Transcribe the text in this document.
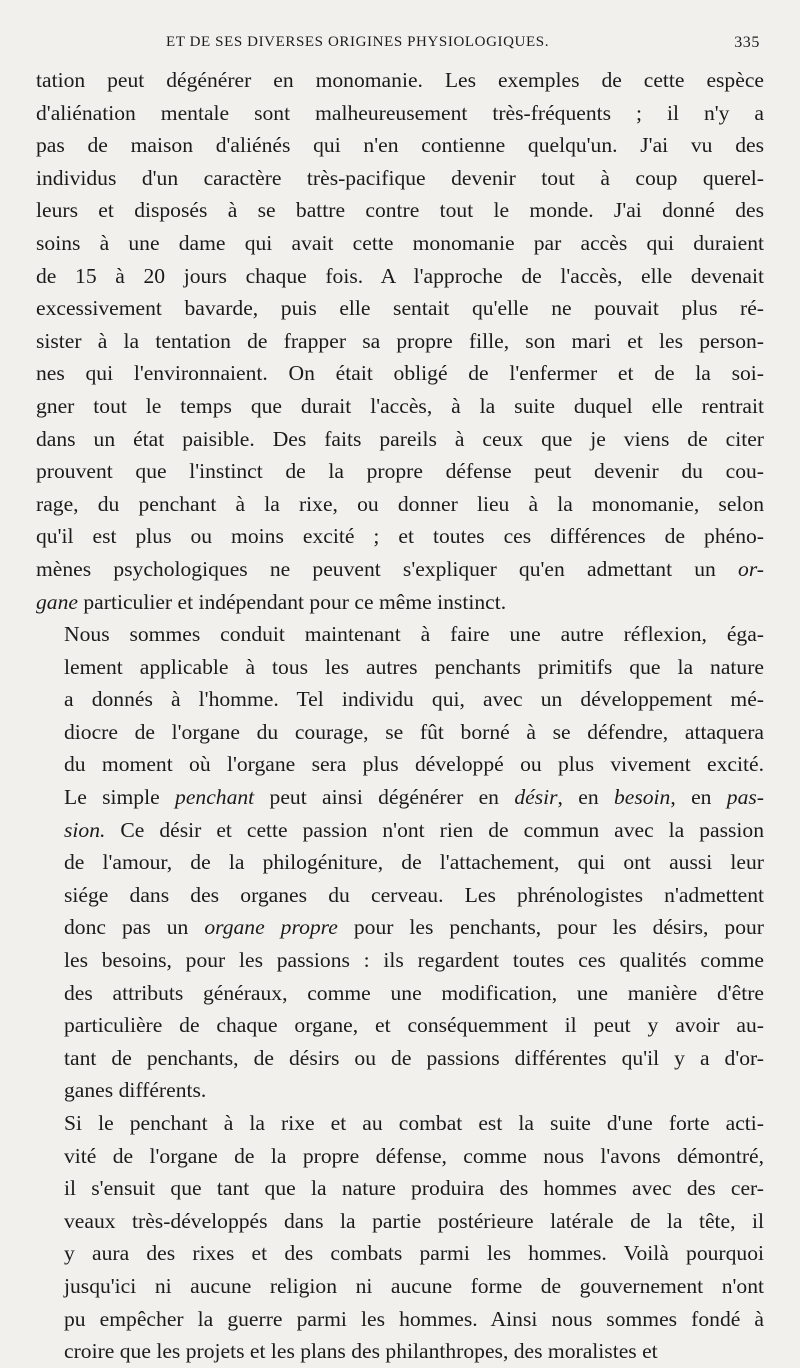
ET DE SES DIVERSES ORIGINES PHYSIOLOGIQUES.	335

tation peut dégénérer en monomanie. Les exemples de cette espèce
d'aliénation mentale sont malheureusement très-fréquents ; il n'y a
pas de maison d'aliénés qui n'en contienne quelqu'un. J'ai vu des
individus d'un caractère très-pacifique devenir tout à coup querel-
leurs et disposés à se battre contre tout le monde. J'ai donné des
soins à une dame qui avait cette monomanie par accès qui duraient
de 15 à 20 jours chaque fois. A l'approche de l'accès, elle devenait
excessivement bavarde, puis elle sentait qu'elle ne pouvait plus ré-
sister à la tentation de frapper sa propre fille, son mari et les person-
nes qui l'environnaient. On était obligé de l'enfermer et de la soi-
gner tout le temps que durait l'accès, à la suite duquel elle rentrait
dans un état paisible. Des faits pareils à ceux que je viens de citer
prouvent que l'instinct de la propre défense peut devenir du cou-
rage, du penchant à la rixe, ou donner lieu à la monomanie, selon
qu'il est plus ou moins excité ; et toutes ces différences de phéno-
mènes psychologiques ne peuvent s'expliquer qu'en admettant un or-
gane particulier et indépendant pour ce même instinct.

Nous sommes conduit maintenant à faire une autre réflexion, éga-
lement applicable à tous les autres penchants primitifs que la nature
a donnés à l'homme. Tel individu qui, avec un développement mé-
diocre de l'organe du courage, se fût borné à se défendre, attaquera
du moment où l'organe sera plus développé ou plus vivement excité.
Le simple penchant peut ainsi dégénérer en désir, en besoin, en pas-
sion. Ce désir et cette passion n'ont rien de commun avec la passion
de l'amour, de la philogéniture, de l'attachement, qui ont aussi leur
siége dans des organes du cerveau. Les phrénologistes n'admettent
donc pas un organe propre pour les penchants, pour les désirs, pour
les besoins, pour les passions : ils regardent toutes ces qualités comme
des attributs généraux, comme une modification, une manière d'être
particulière de chaque organe, et conséquemment il peut y avoir au-
tant de penchants, de désirs ou de passions différentes qu'il y a d'or-
ganes différents.

Si le penchant à la rixe et au combat est la suite d'une forte acti-
vité de l'organe de la propre défense, comme nous l'avons démontré,
il s'ensuit que tant que la nature produira des hommes avec des cer-
veaux très-développés dans la partie postérieure latérale de la tête, il
y aura des rixes et des combats parmi les hommes. Voilà pourquoi
jusqu'ici ni aucune religion ni aucune forme de gouvernement n'ont
pu empêcher la guerre parmi les hommes. Ainsi nous sommes fondé à
croire que les projets et les plans des philanthropes, des moralistes et
